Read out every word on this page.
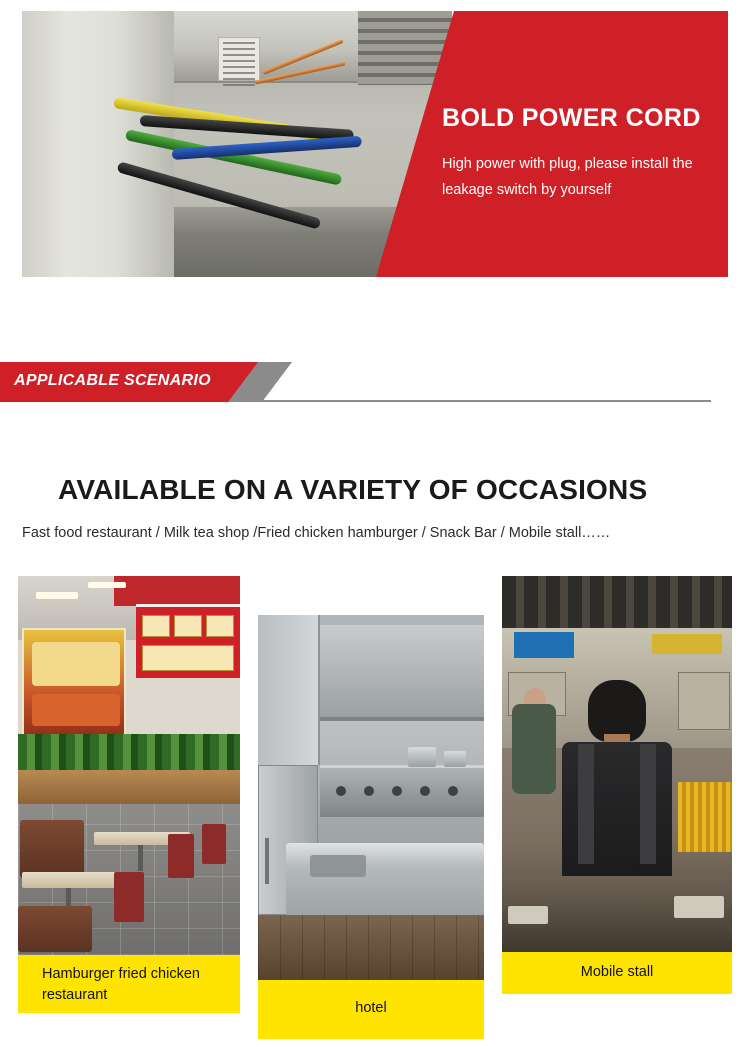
BOLD POWER CORD
High power with plug, please install the leakage switch by yourself
APPLICABLE SCENARIO
AVAILABLE ON A VARIETY OF OCCASIONS
Fast food restaurant / Milk tea shop /Fried chicken hamburger / Snack Bar / Mobile stall……
Hamburger fried chicken restaurant
hotel
Mobile stall
